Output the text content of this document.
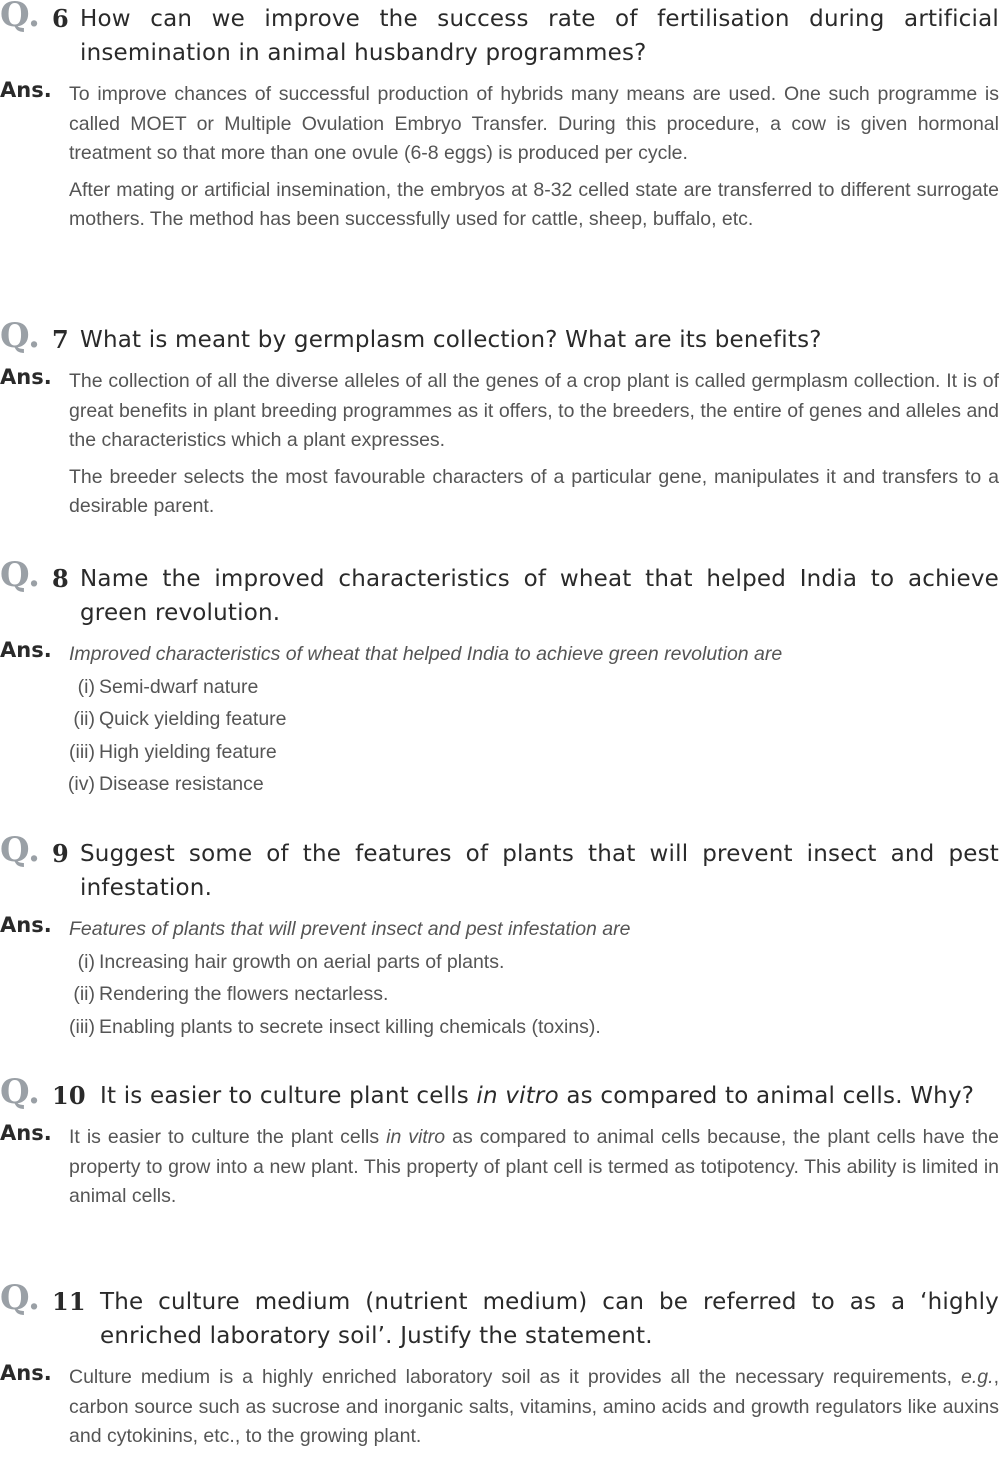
Q. 6 How can we improve the success rate of fertilisation during artificial insemination in animal husbandry programmes?
Ans. To improve chances of successful production of hybrids many means are used. One such programme is called MOET or Multiple Ovulation Embryo Transfer. During this procedure, a cow is given hormonal treatment so that more than one ovule (6-8 eggs) is produced per cycle.

After mating or artificial insemination, the embryos at 8-32 celled state are transferred to different surrogate mothers. The method has been successfully used for cattle, sheep, buffalo, etc.

Q. 7 What is meant by germplasm collection? What are its benefits?
Ans. The collection of all the diverse alleles of all the genes of a crop plant is called germplasm collection. It is of great benefits in plant breeding programmes as it offers, to the breeders, the entire of genes and alleles and the characteristics which a plant expresses.

The breeder selects the most favourable characters of a particular gene, manipulates it and transfers to a desirable parent.

Q. 8 Name the improved characteristics of wheat that helped India to achieve green revolution.
Ans. Improved characteristics of wheat that helped India to achieve green revolution are

(i) Semi-dwarf nature
(ii) Quick yielding feature
(iii) High yielding feature
(iv) Disease resistance
Q. 9 Suggest some of the features of plants that will prevent insect and pest infestation.
Ans. Features of plants that will prevent insect and pest infestation are

(i) Increasing hair growth on aerial parts of plants.
(ii) Rendering the flowers nectarless.
(iii) Enabling plants to secrete insect killing chemicals (toxins).
Q. 10 It is easier to culture plant cells in vitro as compared to animal cells. Why?
Ans. It is easier to culture the plant cells in vitro as compared to animal cells because, the plant cells have the property to grow into a new plant. This property of plant cell is termed as totipotency. This ability is limited in animal cells.

Q. 11 The culture medium (nutrient medium) can be referred to as a ‘highly enriched laboratory soil’. Justify the statement.
Ans. Culture medium is a highly enriched laboratory soil as it provides all the necessary requirements, e.g., carbon source such as sucrose and inorganic salts, vitamins, amino acids and growth regulators like auxins and cytokinins, etc., to the growing plant.
